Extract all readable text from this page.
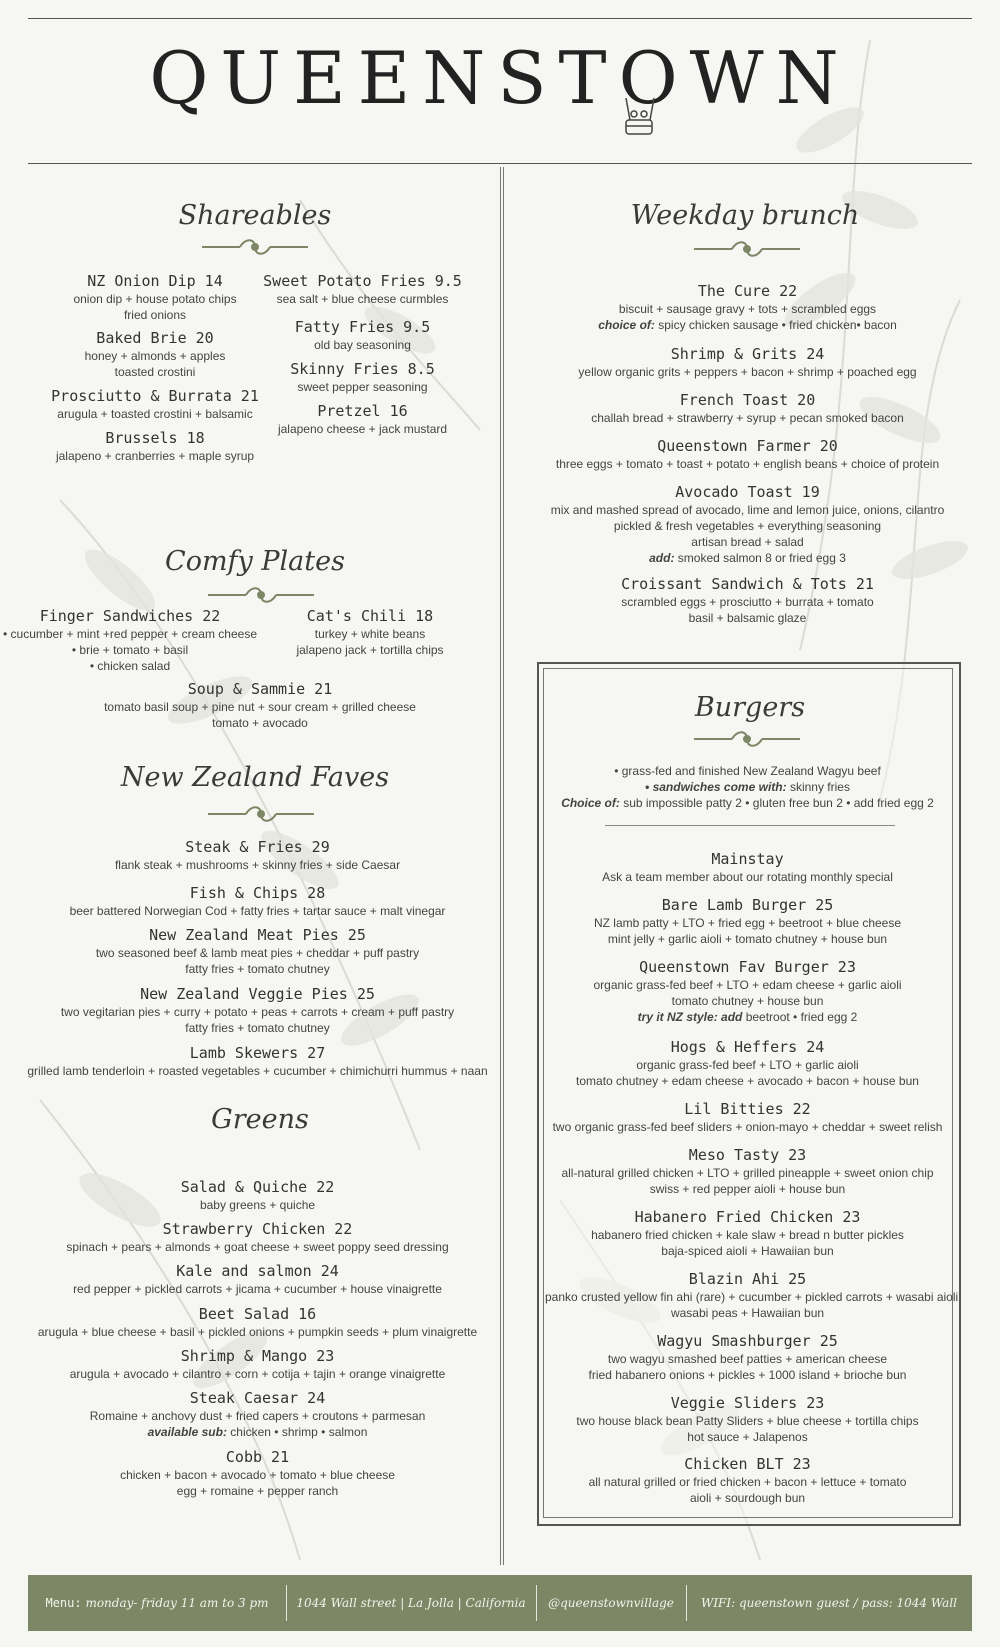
QUEENSTOWN
Shareables
NZ Onion Dip 14
onion dip + house potato chips
fried onions
Baked Brie 20
honey + almonds + apples
toasted crostini
Prosciutto & Burrata 21
arugula + toasted crostini + balsamic
Brussels 18
jalapeno + cranberries + maple syrup
Sweet Potato Fries 9.5
sea salt + blue cheese curmbles
Fatty Fries 9.5
old bay seasoning
Skinny Fries 8.5
sweet pepper seasoning
Pretzel 16
jalapeno cheese + jack mustard
Comfy Plates
Finger Sandwiches 22
• cucumber + mint +red pepper + cream cheese
• brie + tomato + basil
• chicken salad
Cat's Chili 18
turkey + white beans
jalapeno jack + tortilla chips
Soup & Sammie 21
tomato basil soup + pine nut + sour cream + grilled cheese
tomato + avocado
New Zealand Faves
Steak & Fries 29
flank steak + mushrooms + skinny fries + side Caesar
Fish & Chips 28
beer battered Norwegian Cod + fatty fries + tartar sauce + malt vinegar
New Zealand Meat Pies 25
two seasoned beef & lamb meat pies + cheddar + puff pastry
fatty fries + tomato chutney
New Zealand Veggie Pies 25
two vegitarian pies + curry + potato + peas + carrots + cream + puff pastry
fatty fries + tomato chutney
Lamb Skewers 27
grilled lamb tenderloin + roasted vegetables + cucumber + chimichurri hummus + naan
Greens
Salad & Quiche 22
baby greens + quiche
Strawberry Chicken 22
spinach + pears + almonds + goat cheese + sweet poppy seed dressing
Kale and salmon 24
red pepper + pickled carrots + jicama + cucumber + house vinaigrette
Beet Salad 16
arugula + blue cheese + basil + pickled onions + pumpkin seeds + plum vinaigrette
Shrimp & Mango 23
arugula + avocado + cilantro + corn + cotija + tajin + orange vinaigrette
Steak Caesar 24
Romaine + anchovy dust + fried capers + croutons + parmesan
available sub: chicken • shrimp • salmon
Cobb 21
chicken + bacon + avocado + tomato + blue cheese
egg + romaine + pepper ranch
Weekday brunch
The Cure 22
biscuit + sausage gravy + tots + scrambled eggs
choice of: spicy chicken sausage • fried chicken• bacon
Shrimp & Grits 24
yellow organic grits + peppers + bacon + shrimp + poached egg
French Toast 20
challah bread + strawberry + syrup + pecan smoked bacon
Queenstown Farmer 20
three eggs + tomato + toast + potato + english beans + choice of protein
Avocado Toast 19
mix and mashed spread of avocado, lime and lemon juice, onions, cilantro
pickled & fresh vegetables + everything seasoning
artisan bread + salad
add: smoked salmon 8 or fried egg 3
Croissant Sandwich & Tots 21
scrambled eggs + prosciutto + burrata + tomato
basil + balsamic glaze
Burgers
• grass-fed and finished New Zealand Wagyu beef
• sandwiches come with: skinny fries
Choice of: sub impossible patty 2 • gluten free bun 2 • add fried egg 2
Mainstay
Ask a team member about our rotating monthly special
Bare Lamb Burger 25
NZ lamb patty + LTO + fried egg + beetroot + blue cheese
mint jelly + garlic aioli + tomato chutney + house bun
Queenstown Fav Burger 23
organic grass-fed beef + LTO + edam cheese + garlic aioli
tomato chutney + house bun
try it NZ style: add beetroot • fried egg 2
Hogs & Heffers 24
organic grass-fed beef + LTO + garlic aioli
tomato chutney + edam cheese + avocado + bacon + house bun
Lil Bitties 22
two organic grass-fed beef sliders + onion-mayo + cheddar + sweet relish
Meso Tasty 23
all-natural grilled chicken + LTO + grilled pineapple + sweet onion chip
swiss + red pepper aioli + house bun
Habanero Fried Chicken 23
habanero fried chicken + kale slaw + bread n butter pickles
baja-spiced aioli + Hawaiian bun
Blazin Ahi 25
panko crusted yellow fin ahi (rare) + cucumber + pickled carrots + wasabi aioli
wasabi peas + Hawaiian bun
Wagyu Smashburger 25
two wagyu smashed beef patties + american cheese
fried habanero onions + pickles + 1000 island + brioche bun
Veggie Sliders 23
two house black bean Patty Sliders + blue cheese + tortilla chips
hot sauce + Jalapenos
Chicken BLT 23
all natural grilled or fried chicken + bacon + lettuce + tomato
aioli + sourdough bun
Menu: monday- friday 11 am to 3 pm	1044 Wall street | La Jolla | California	@queenstownvillage	WIFI: queenstown guest / pass: 1044 Wall
